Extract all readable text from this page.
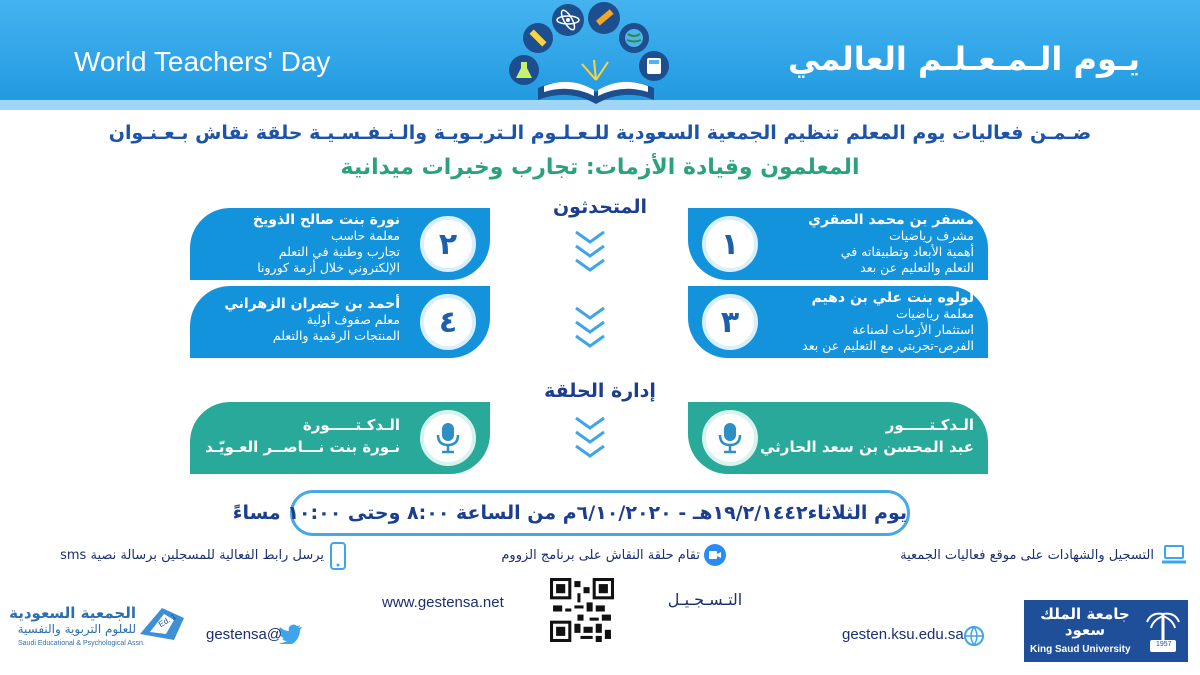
World Teachers' Day	يـوم الـمـعـلـم العالمي
ضـمـن فعاليات يوم المعلم تنظيم الجمعية السعودية للـعـلـوم الـتربـويـة والـنـفـسـيـة حلقة نقاش بـعـنـوان
المعلمون وقيادة الأزمات: تجارب وخبرات ميدانية
المتحدثون
١
مسفر بن محمد الصقري
مشرف رياضيات
أهمية الأبعاد وتطبيقاته في
التعلم والتعليم عن بعد
٢
نورة بنت صالح الذويخ
معلمة حاسب
تجارب وطنية في التعلم
الإلكتروني خلال أزمة كورونا
٣
لولوه بنت علي بن دهيم
معلمة رياضيات
استثمار الأزمات لصناعة
الفرص-تجربتي مع التعليم عن بعد
٤
أحمد بن خضران الزهراني
معلم صفوف أولية
المنتجات الرقمية والتعلم
إدارة الحلقة
الـدكـتـــــور
عبد المحسن بن سعد الحارثي
الـدكـتـــــورة
نـورة بنت نـــاصــر العـويّـد
يوم الثلاثاء١٩/٢/١٤٤٢هـ - ٦/١٠/٢٠٢٠م من الساعة ٨:٠٠ وحتى ١٠:٠٠ مساءً
التسجيل والشهادات على موقع فعاليات الجمعية
تقام حلقة النقاش على برنامج الزووم
يرسل رابط الفعالية للمسجلين برسالة نصية sms
التـسـجـيـل
www.gestensa.net
Ed. 1
الجمعية السعودية
للعلوم التربوية والنفسية
Saudi Educational & Psychological Assn.
gestensa@	gesten.ksu.edu.sa
1957
جامعة الملك سعود
King Saud University
